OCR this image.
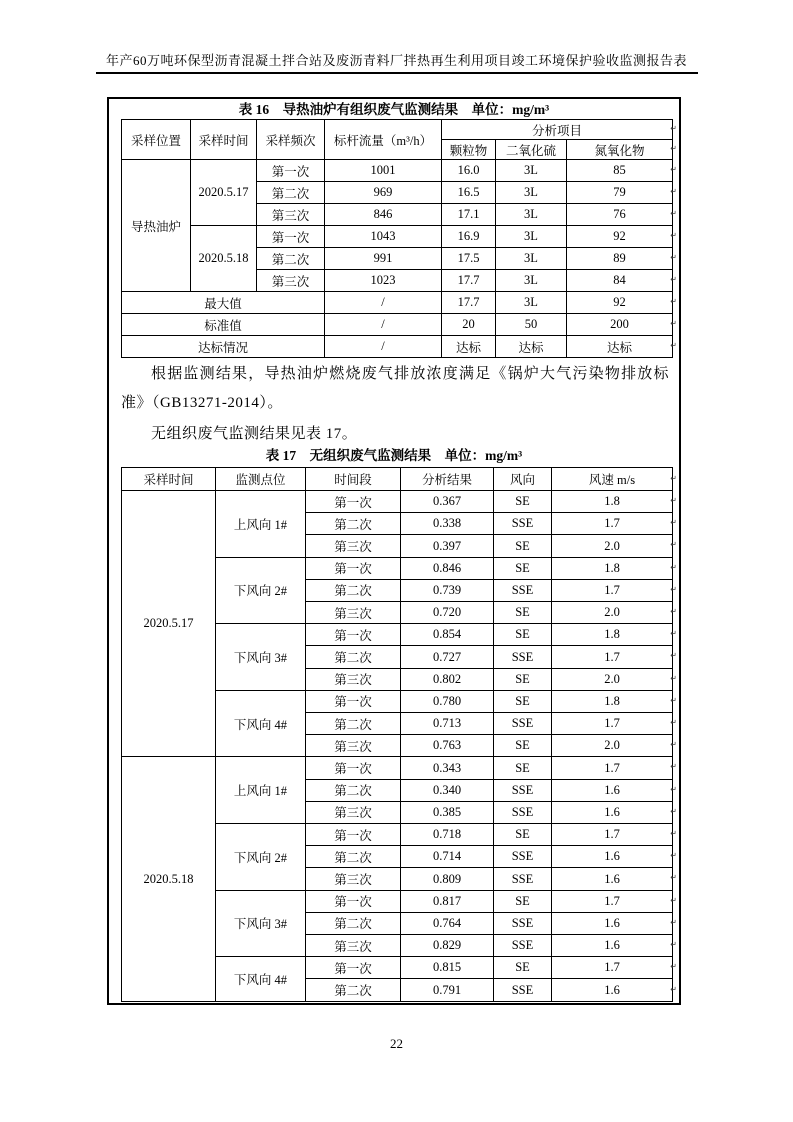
年产60万吨环保型沥青混凝土拌合站及废沥青料厂拌热再生利用项目竣工环境保护验收监测报告表
表 16　导热油炉有组织废气监测结果　单位：mg/m³
采样位置	采样时间	采样频次	标杆流量（m³/h）	分析项目		
				颗粒物	二氧化硫	氮氧化物
导热油炉	2020.5.17	第一次	1001	16.0	3L	85
		第二次	969	16.5	3L	79
		第三次	846	17.1	3L	76
	2020.5.18	第一次	1043	16.9	3L	92
		第二次	991	17.5	3L	89
		第三次	1023	17.7	3L	84
最大值			/	17.7	3L	92
标准值			/	20	50	200
达标情况			/	达标	达标	达标
根据监测结果，导热油炉燃烧废气排放浓度满足《锅炉大气污染物排放标准》（GB13271-2014）。
无组织废气监测结果见表 17。
表 17　无组织废气监测结果　单位：mg/m³
采样时间	监测点位	时间段	分析结果	风向	风速 m/s
2020.5.17	上风向 1#	第一次	0.367	SE	1.8
		第二次	0.338	SSE	1.7
		第三次	0.397	SE	2.0
	下风向 2#	第一次	0.846	SE	1.8
		第二次	0.739	SSE	1.7
		第三次	0.720	SE	2.0
	下风向 3#	第一次	0.854	SE	1.8
		第二次	0.727	SSE	1.7
		第三次	0.802	SE	2.0
	下风向 4#	第一次	0.780	SE	1.8
		第二次	0.713	SSE	1.7
		第三次	0.763	SE	2.0
2020.5.18	上风向 1#	第一次	0.343	SE	1.7
		第二次	0.340	SSE	1.6
		第三次	0.385	SSE	1.6
	下风向 2#	第一次	0.718	SE	1.7
		第二次	0.714	SSE	1.6
		第三次	0.809	SSE	1.6
	下风向 3#	第一次	0.817	SE	1.7
		第二次	0.764	SSE	1.6
		第三次	0.829	SSE	1.6
	下风向 4#	第一次	0.815	SE	1.7
		第二次	0.791	SSE	1.6
↵
↵
↵
↵
↵
↵
↵
↵
↵
↵
↵
↵
↵
↵
↵
↵
↵
↵
↵
↵
↵
↵
↵
↵
↵
↵
↵
↵
↵
↵
↵
↵
↵
↵
↵
22
